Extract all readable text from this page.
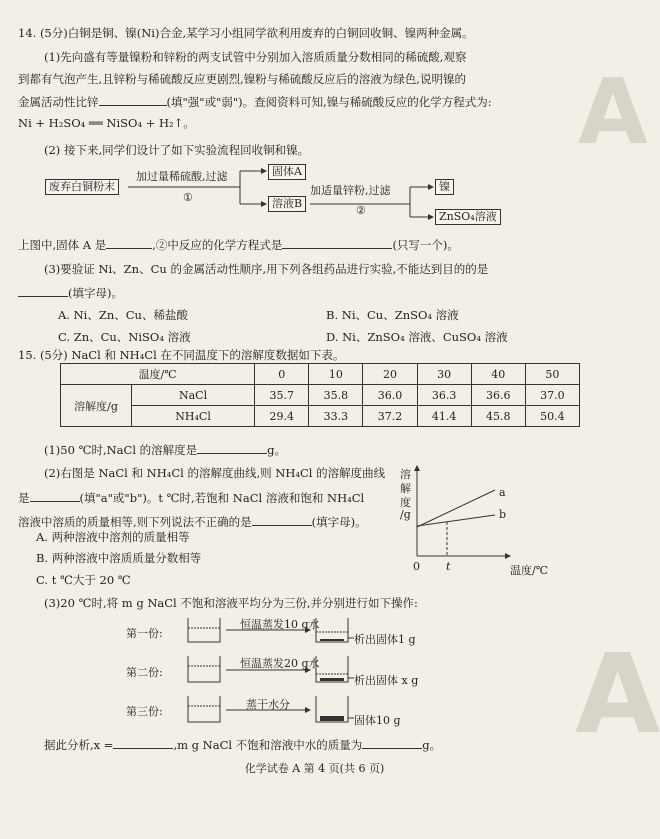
A
A
14. (5分)白铜是铜、镍(Ni)合金,某学习小组同学欲利用废弃的白铜回收铜、镍两种金属。
(1)先向盛有等量镍粉和锌粉的两支试管中分别加入溶质质量分数相同的稀硫酸,观察
到都有气泡产生,且锌粉与稀硫酸反应更剧烈,镍粉与稀硫酸反应后的溶液为绿色,说明镍的
金属活动性比锌	(填"强"或"弱")。查阅资料可知,镍与稀硫酸反应的化学方程式为:
Ni + H₂SO₄ ══ NiSO₄ + H₂↑。
(2) 接下来,同学们设计了如下实验流程回收铜和镍。
废弃白铜粉末
加过量稀硫酸,过滤
①
固体A
溶液B
加适量锌粉,过滤
②
镍
ZnSO₄溶液
上图中,固体 A 是	,②中反应的化学方程式是	(只写一个)。
(3)要验证 Ni、Zn、Cu 的金属活动性顺序,用下列各组药品进行实验,不能达到目的的是
(填字母)。
A. Ni、Zn、Cu、稀盐酸	B. Ni、Cu、ZnSO₄ 溶液
C. Zn、Cu、NiSO₄ 溶液	D. Ni、ZnSO₄ 溶液、CuSO₄ 溶液
15. (5分) NaCl 和 NH₄Cl 在不同温度下的溶解度数据如下表。
温度/℃		0	10	20	30	40	50
溶解度/g	NaCl	35.7	35.8	36.0	36.3	36.6	37.0
	NH₄Cl	29.4	33.3	37.2	41.4	45.8	50.4
(1)50 ℃时,NaCl 的溶解度是	g。
(2)右图是 NaCl 和 NH₄Cl 的溶解度曲线,则 NH₄Cl 的溶解度曲线
是	(填"a"或"b")。t ℃时,若饱和 NaCl 溶液和饱和 NH₄Cl
溶液中溶质的质量相等,则下列说法不正确的是	(填字母)。
A. 两种溶液中溶剂的质量相等
B. 两种溶液中溶质质量分数相等
C. t ℃大于 20 ℃
溶
解
度
/g
a
b
0 t	温度/℃
(3)20 ℃时,将 m g NaCl 不饱和溶液平均分为三份,并分别进行如下操作:
第一份:
恒温蒸发10 g水
析出固体1 g
第二份:
恒温蒸发20 g水
析出固体 x g
第三份:
蒸干水分
固体10 g
据此分析,x =	,m g NaCl 不饱和溶液中水的质量为	g。
化学试卷 A 第 4 页(共 6 页)
